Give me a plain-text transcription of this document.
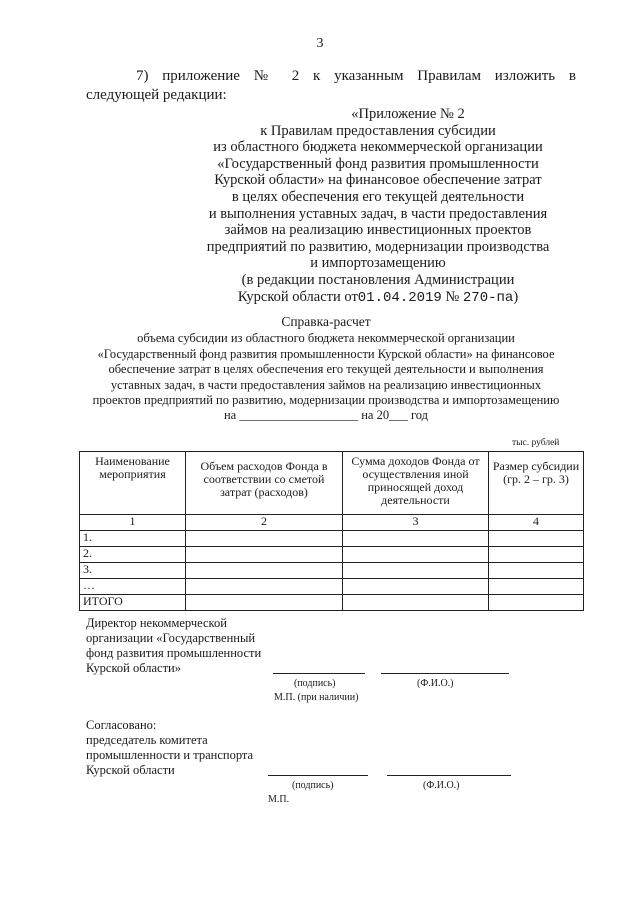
3
7) приложение № 2 к указанным Правилам изложить в
следующей редакции:
«Приложение № 2
к Правилам предоставления субсидии
из областного бюджета некоммерческой организации
«Государственный фонд развития промышленности
Курской области» на финансовое обеспечение затрат
в целях обеспечения его текущей деятельности
и выполнения уставных задач, в части предоставления
займов на реализацию инвестиционных проектов
предприятий по развитию, модернизации производства
и импортозамещению
(в редакции постановления Администрации
Курской области от01.04.2019 № 270-па)
Справка-расчет
объема субсидии из областного бюджета некоммерческой организации
«Государственный фонд развития промышленности Курской области» на финансовое
обеспечение затрат в целях обеспечения его текущей деятельности и выполнения
уставных задач, в части предоставления займов на реализацию инвестиционных
проектов предприятий по развитию, модернизации производства и импортозамещению
на ___________________ на 20___ год
тыс. рублей
Наименование мероприятия	Объем расходов Фонда в соответствии со сметой затрат (расходов)	Сумма доходов Фонда от осуществления иной приносящей доход деятельности	Размер субсидии (гр. 2 – гр. 3)
1	2	3	4
1.			
2.			
3.			
…			
ИТОГО			
Директор некоммерческой
организации «Государственный
фонд развития промышленности
Курской области»
(подпись)	(Ф.И.О.)
М.П. (при наличии)
Согласовано:
председатель комитета
промышленности и транспорта
Курской области
(подпись)	(Ф.И.О.)
М.П.
